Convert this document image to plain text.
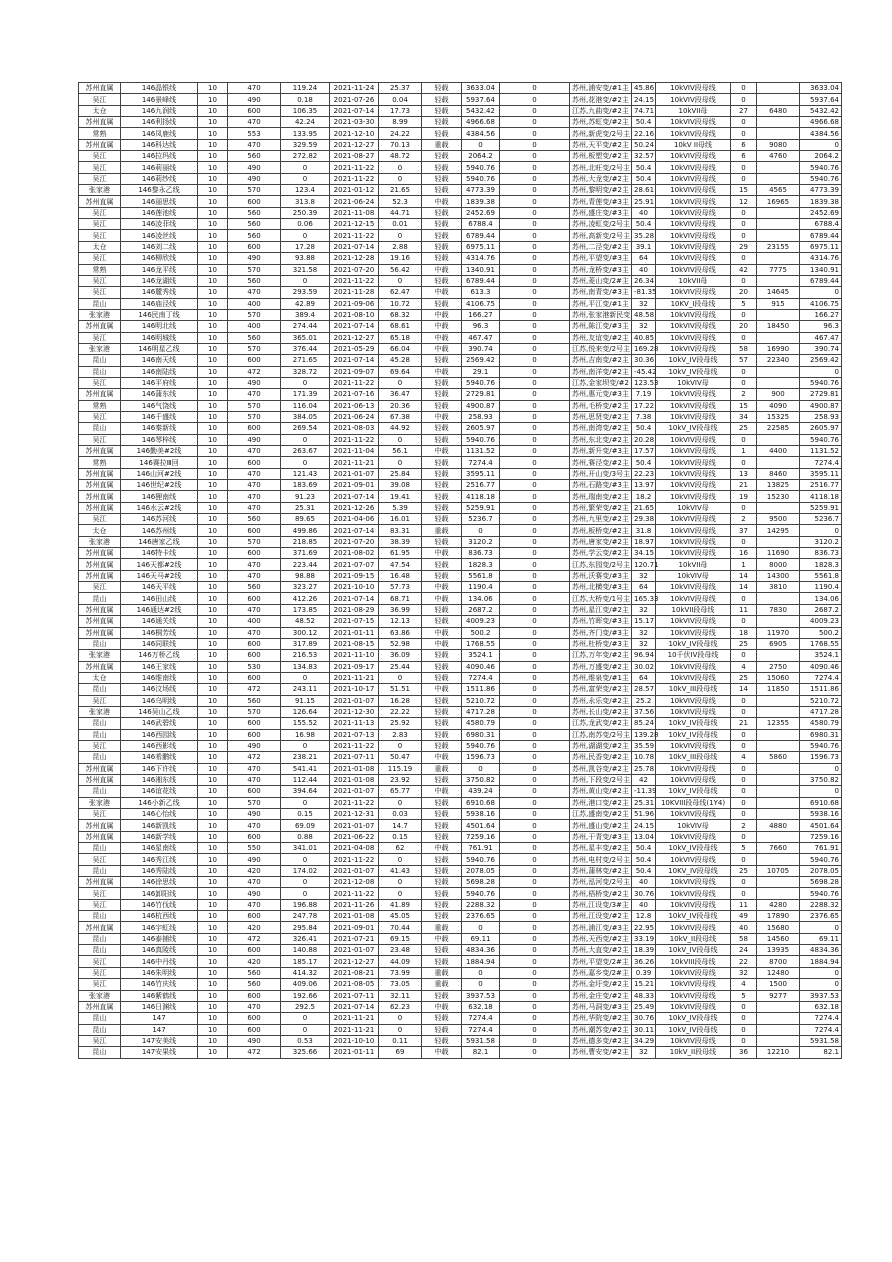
苏州直属	146晶银线	10	470	119.24	2021-11-24	25.37	轻载	3633.04	0	苏州,浦安变/#1主	45.86	10kVIV段母线	0		3633.04
吴江	146景峰线	10	490	0.18	2021-07-26	0.04	轻载	5937.64	0	苏州,花港变/#2主	24.15	10kVIV段母线	0		5937.64
太仓	146九润线	10	600	106.35	2021-07-14	17.73	轻载	5432.42	0	江苏,九曲变/#2主	74.71	10kVII母	27	6480	5432.42
苏州直属	146利扬线	10	470	42.24	2021-03-30	8.99	轻载	4966.68	0	苏州,苏虹变/#2主	50.4	10kVIV段母线	0		4966.68
常熟	146凤鹿线	10	553	133.95	2021-12-10	24.22	轻载	4384.56	0	苏州,新虎变/2号主	22.16	10kVIV段母线	0		4384.56
苏州直属	146科达线	10	470	329.59	2021-12-27	70.13	重载	0	0	苏州,天平变/#2主	50.24	10kV II母线	6	9080	0
吴江	146拉玛线	10	560	272.82	2021-08-27	48.72	轻载	2064.2	0	苏州,板塑变/#2主	32.57	10kVIV段母线	6	4760	2064.2
吴江	146莉丽线	10	490	0	2021-11-22	0	轻载	5940.76	0	苏州,北旺变/2号主	50.4	10kVIV段母线	0		5940.76
吴江	146莉纱线	10	490	0	2021-11-22	0	轻载	5940.76	0	苏州,大龙变/#2主	50.4	10kVIV段母线	0		5940.76
张家港	146黎永乙线	10	570	123.4	2021-01-12	21.65	轻载	4773.39	0	苏州,黎明变/#2主	28.61	10kVIV段母线	15	4565	4773.39
苏州直属	146丽思线	10	600	313.8	2021-06-24	52.3	中载	1839.38	0	苏州,青莲变/#3主	25.91	10kVIV段母线	12	16965	1839.38
吴江	146莲池线	10	560	250.39	2021-11-08	44.71	轻载	2452.69	0	苏州,盛庄变/#3主	40	10kVIV段母线	0		2452.69
吴江	146凌菲线	10	560	0.06	2021-12-15	0.01	轻载	6788.4	0	苏州,凌虹变/2号主	50.4	10kVIV段母线	0		6788.4
吴江	146凌丝线	10	560	0	2021-11-22	0	轻载	6789.44	0	苏州,高新变/2号主	35.28	10kVIV段母线	0		6789.44
太仓	146刘二线	10	600	17.28	2021-07-14	2.88	轻载	6975.11	0	苏州,二泾变/#2主	39.1	10kVIV段母线	29	23155	6975.11
吴江	146柳欣线	10	490	93.88	2021-12-28	19.16	轻载	4314.76	0	苏州,平望变/#3主	64	10kVIV段母线	0		4314.76
常熟	146龙平线	10	570	321.58	2021-07-20	56.42	中载	1340.91	0	苏州,龙桥变/#3主	40	10kVIV段母线	42	7775	1340.91
吴江	146龙湖线	10	560	0	2021-11-22	0	轻载	6789.44	0	苏州,菱山变/2#主	26.34	10kVII母	0		6789.44
吴江	146麓秀线	10	470	293.59	2021-11-28	62.47	中载	613.3	0	苏州,南青变/#3主	-81.35	10kVIV段母线	20	14645	0
昆山	146庙泾线	10	400	42.89	2021-09-06	10.72	轻载	4106.75	0	苏州,平江变/#1主	32	10KV_I段母线	5	915	4106.75
张家港	146民南丁线	10	570	389.4	2021-08-10	68.32	中载	166.27	0	苏州,张家港新民变	48.58	10kVIV段母线	0		166.27
苏州直属	146明北线	10	400	274.44	2021-07-14	68.61	中载	96.3	0	苏州,陈江变/#3主	32	10kVIV段母线	20	18450	96.3
吴江	146明城线	10	560	365.01	2021-12-27	65.18	中载	467.47	0	苏州,友谊变/#2主	40.85	10kVIV段母线	0		467.47
张家港	146明星乙线	10	570	376.44	2021-05-29	66.04	中载	390.74	0	江苏,悦来变/2号主	169.28	10kVIV段母线	58	16990	390.74
昆山	146南天线	10	600	271.65	2021-07-14	45.28	轻载	2569.42	0	苏州,吉南变/#2主	30.36	10kV_IV段母线	57	22340	2569.42
昆山	146南陆线	10	472	328.72	2021-09-07	69.64	中载	29.1	0	苏州,南洋变/#2主	-45.42	10kV_IV段母线	0		0
吴江	146平府线	10	490	0	2021-11-22	0	轻载	5940.76	0	江苏,金家坝变/#2	123.53	10kVIV母	0		5940.76
苏州直属	146蒲东线	10	470	171.39	2021-07-16	36.47	轻载	2729.81	0	苏州,惠元变/#3主	7.19	10kVIV段母线	2	900	2729.81
常熟	146气饶线	10	570	116.04	2021-06-13	20.36	轻载	4900.87	0	苏州,毛桥变/#2主	17.22	10kVIV段母线	15	4090	4900.87
吴江	146千盛线	10	570	384.05	2021-06-24	67.38	中载	258.93	0	苏州,思贤变/#2主	7.38	10kVIV段母线	34	15325	258.93
昆山	146秦新线	10	600	269.54	2021-08-03	44.92	轻载	2605.97	0	苏州,南湾变/#2主	50.4	10kV_IV段母线	25	22585	2605.97
吴江	146琴梓线	10	490	0	2021-11-22	0	轻载	5940.76	0	苏州,东北变/#2主	20.28	10kVIV段母线	0		5940.76
苏州直属	146勤美#2线	10	470	263.67	2021-11-04	56.1	中载	1131.52	0	苏州,新升变/#3主	17.57	10kVIV段母线	1	4400	1131.52
常熟	146赛拉Ⅲ回	10	600	0	2021-11-21	0	轻载	7274.4	0	苏州,赛泾变/#2主	50.4	10kVIV段母线	0		7274.4
苏州直属	146山河#2线	10	470	121.43	2021-01-07	25.84	轻载	3595.11	0	苏州,开山变/3号主	22.23	10kVIV段母线	13	8460	3595.11
苏州直属	146世纪#2线	10	470	183.69	2021-09-01	39.08	轻载	2516.77	0	苏州,石路变/#3主	13.97	10kVIV段母线	21	13825	2516.77
苏州直属	146狸南线	10	470	91.23	2021-07-14	19.41	轻载	4118.18	0	苏州,瑞南变/#2主	18.2	10kVIV段母线	19	15230	4118.18
苏州直属	146水云#2线	10	470	25.31	2021-12-26	5.39	轻载	5259.91	0	苏州,繁荣变/#2主	21.65	10kVIV母	0		5259.91
吴江	146苏河线	10	560	89.65	2021-04-06	16.01	轻载	5236.7	0	苏州,九里变/#2主	29.38	10kVIV段母线	2	9500	5236.7
太仓	146苏州线	10	600	499.86	2021-07-14	83.31	重载	0	0	苏州,板桥变/#2主	31.8	10kVIV段母线	37	14295	0
张家港	146唐家乙线	10	570	218.85	2021-07-20	38.39	轻载	3120.2	0	苏州,唐家变/#2主	18.97	10kVIV段母线	0		3120.2
苏州直属	146特卡线	10	600	371.69	2021-08-02	61.95	中载	836.73	0	苏州,学云变/#2主	34.15	10kVIV段母线	16	11690	836.73
苏州直属	146天都#2线	10	470	223.44	2021-07-07	47.54	轻载	1828.3	0	江苏,东园变/2号主	120.71	10kVII母	1	8000	1828.3
苏州直属	146天马#2线	10	470	98.88	2021-09-15	16.48	轻载	5561.8	0	苏州,沃赛变/#3主	32	10kVIV母	14	14300	5561.8
吴江	146天平线	10	560	323.27	2021-10-10	57.73	中载	1190.4	0	苏州,北横变/#3主	64	10kVIV段母线	14	3810	1190.4
昆山	146田山线	10	600	412.26	2021-07-14	68.71	中载	134.06	0	江苏,大桥变/1号主	165.33	10kVIV段母线	0		134.06
苏州直属	146通达#2线	10	470	173.85	2021-08-29	36.99	轻载	2687.2	0	苏州,星江变/#2主	32	10kVII段母线	11	7830	2687.2
苏州直属	146通关线	10	400	48.52	2021-07-15	12.13	轻载	4009.23	0	苏州,竹晖变/#3主	15.17	10kVIV段母线	0		4009.23
苏州直属	146桐芳线	10	470	300.12	2021-01-11	63.86	中载	500.2	0	苏州,齐门变/#3主	32	10kVIV段母线	18	11970	500.2
昆山	146同联线	10	600	317.89	2021-08-15	52.98	中载	1768.55	0	苏州,杜桥变/#3主	32	10kV_IV段母线	25	6905	1768.55
张家港	146万桥乙线	10	600	216.53	2021-11-10	36.09	轻载	3524.1	0	江苏,万年变/#2主	96.94	10千伏IV段母线	0		3524.1
苏州直属	146王家线	10	530	134.83	2021-09-17	25.44	轻载	4090.46	0	苏州,万盛变/#2主	30.02	10kVIV段母线	4	2750	4090.46
太仓	146维南线	10	600	0	2021-11-21	0	轻载	7274.4	0	苏州,维泉变/#1主	64	10kVIV段母线	25	15060	7274.4
昆山	146汶场线	10	472	243.11	2021-10-17	51.51	中载	1511.86	0	苏州,富荣变/#2主	28.57	10kV_III段母线	14	11850	1511.86
吴江	146乌明线	10	560	91.15	2021-01-07	16.28	轻载	5210.72	0	苏州,永乐变/#2主	25.2	10kVIV段母线	0		5210.72
张家港	146吴山乙线	10	570	126.64	2021-12-30	22.22	轻载	4717.28	0	苏州,长山变/#2主	37.56	10kVIV段母线	0		4717.28
昆山	146武碧线	10	600	155.52	2021-11-13	25.92	轻载	4580.79	0	江苏,龙武变/#2主	85.24	10kV_IV段母线	21	12355	4580.79
昆山	146西园线	10	600	16.98	2021-07-13	2.83	轻载	6980.31	0	江苏,南苏变/2号主	139.28	10kV_IV段母线	0		6980.31
吴江	146西影线	10	490	0	2021-11-22	0	轻载	5940.76	0	苏州,湖湖变/#2主	35.59	10kVIV段母线	0		5940.76
昆山	146希鹏线	10	472	238.21	2021-07-11	50.47	中载	1596.73	0	苏州,民香变/#2主	10.78	10kV_III段母线	4	5860	1596.73
苏州直属	146下许线	10	470	541.41	2021-01-08	115.19	重载	0	0	苏州,凯谷变/#2主	25.78	10kVIV段母线	0		0
苏州直属	146湘东线	10	470	112.44	2021-01-08	23.92	轻载	3750.82	0	苏州,下段变/2号主	42	10kVIV段母线	0		3750.82
昆山	146谊花线	10	600	394.64	2021-01-07	65.77	中载	439.24	0	苏州,黄山变/#2主	-11.39	10kV_IV段母线	0		0
张家港	146小新乙线	10	570	0	2021-11-22	0	轻载	6910.68	0	苏州,港口变/#2主	25.31	10KVIII段母线(1Y4)	0		6910.68
吴江	146心怡线	10	490	0.15	2021-12-31	0.03	轻载	5938.16	0	江苏,盛南变/#2主	51.96	10kVIV段母线	0		5938.16
苏州直属	146新凯线	10	470	69.09	2021-01-07	14.7	轻载	4501.64	0	苏州,盛山变/#2主	24.15	10kVIV母	2	4880	4501.64
苏州直属	146新学线	10	600	0.88	2021-06-22	0.15	轻载	7259.16	0	苏州,干青变/#3主	13.04	10kVIV段母线	0		7259.16
昆山	146星南线	10	550	341.01	2021-04-08	62	中载	761.91	0	苏州,星丰变/#2主	50.4	10kV_IV段母线	5	7660	761.91
吴江	146秀江线	10	490	0	2021-11-22	0	轻载	5940.76	0	苏州,电村变/2号主	50.4	10kVIV段母线	0		5940.76
昆山	146秀陆线	10	420	174.02	2021-01-07	41.43	轻载	2078.05	0	苏州,蒲林变/#2主	50.4	10KV_IV段母线	25	10705	2078.05
苏州直属	146徐思线	10	470	0	2021-12-08	0	轻载	5698.28	0	苏州,泓河变/2号主	40	10kVIV段母线	0		5698.28
吴江	146卸阳线	10	490	0	2021-11-22	0	轻载	5940.76	0	苏州,梧桥变/#2主	30.76	10kVIV段母线	0		5940.76
吴江	146竹伐线	10	470	196.88	2021-11-26	41.89	轻载	2288.32	0	苏州,江设变/3#主	40	10kVIV段母线	11	4280	2288.32
昆山	146杭西线	10	600	247.78	2021-01-08	45.05	轻载	2376.65	0	苏州,江设变/#2主	12.8	10kV_IV段母线	49	17890	2376.65
苏州直属	146宇虹线	10	420	295.84	2021-09-01	70.44	重载	0	0	苏州,浦江变/#3主	22.95	10kVIV段母线	40	15680	0
昆山	146泰捕线	10	472	326.41	2021-07-21	69.15	中载	69.11	0	苏州,天西变/#2主	33.19	10kV_II段母线	58	14560	69.11
昆山	146真陵线	10	600	140.88	2021-01-07	23.48	轻载	4834.36	0	苏州,大直变/#2主	18.39	10kV_IV段母线	24	13935	4834.36
吴江	146中丹线	10	420	185.17	2021-12-27	44.09	轻载	1884.94	0	苏州,平望变/2#主	36.26	10kVIII段母线	22	8700	1884.94
吴江	146朱明线	10	560	414.32	2021-08-21	73.99	重载	0	0	苏州,嘉乡变/2#主	0.39	10kVIV段母线	32	12480	0
吴江	146竹庆线	10	560	409.06	2021-08-05	73.05	重载	0	0	苏州,金圩变/#2主	15.21	10kVIV段母线	4	1500	0
张家港	146紫鹤线	10	600	192.66	2021-07-11	32.11	轻载	3937.53	0	苏州,金庄变/#2主	48.33	10kVIV段母线	5	9277	3937.53
苏州直属	146日渊线	10	470	292.5	2021-07-14	62.23	中载	632.18	0	苏州,马洞变/#3主	25.49	10kVIV段母线	0		632.18
昆山	147	10	600	0	2021-11-21	0	轻载	7274.4	0	苏州,华院变/#2主	30.76	10kV_IV段母线	0		7274.4
昆山	147	10	600	0	2021-11-21	0	轻载	7274.4	0	苏州,潮苏变/#2主	30.11	10kV_IV段母线	0		7274.4
吴江	147安美线	10	490	0.53	2021-10-10	0.11	轻载	5931.58	0	苏州,德多变/#2主	34.29	10kVIV段母线	0		5931.58
昆山	147安果线	10	472	325.66	2021-01-11	69	中载	82.1	0	苏州,曹安变/#2主	32	10kV_II段母线	36	12210	82.1
